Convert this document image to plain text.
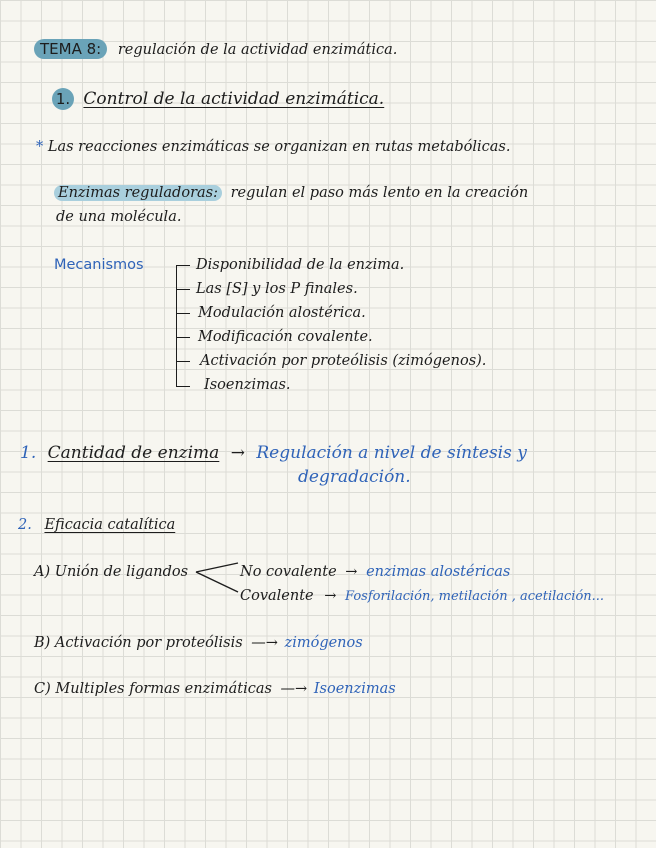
TEMA 8: regulación de la actividad enzimática.
1. Control de la actividad enzimática.
* Las reacciones enzimáticas se organizan en rutas metabólicas.
Enzimas reguladoras: regulan el paso más lento en la creación
de una molécula.
Mecanismos	Disponibilidad de la enzima.
Las [S] y los P finales.
Modulación alostérica.
Modificación covalente.
Activación por proteólisis (zimógenos).
Isoenzimas.
1. Cantidad de enzima → Regulación a nivel de síntesis y
degradación.
2. Eficacia catalítica
A) Unión de ligandos	No covalente → enzimas alostéricas
Covalente → Fosforilación, metilación , acetilación...
B) Activación por proteólisis —→ zimógenos
C) Multiples formas enzimáticas —→ Isoenzimas
